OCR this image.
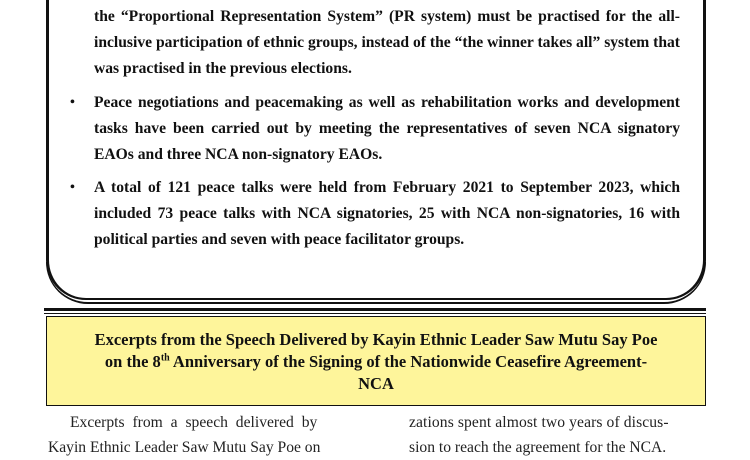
the “Proportional Representation System” (PR system) must be practised for the all-inclusive participation of ethnic groups, instead of the “the winner takes all” system that was practised in the previous elections.
• Peace negotiations and peacemaking as well as rehabilitation works and development tasks have been carried out by meeting the representatives of seven NCA signatory EAOs and three NCA non-signatory EAOs.
• A total of 121 peace talks were held from February 2021 to September 2023, which included 73 peace talks with NCA signatories, 25 with NCA non-signatories, 16 with political parties and seven with peace facilitator groups.
Excerpts from the Speech Delivered by Kayin Ethnic Leader Saw Mutu Say Poe
on the 8th Anniversary of the Signing of the Nationwide Ceasefire Agreement-
NCA
Excerpts from a speech delivered by
Kayin Ethnic Leader Saw Mutu Say Poe on
zations spent almost two years of discus-
sion to reach the agreement for the NCA.
